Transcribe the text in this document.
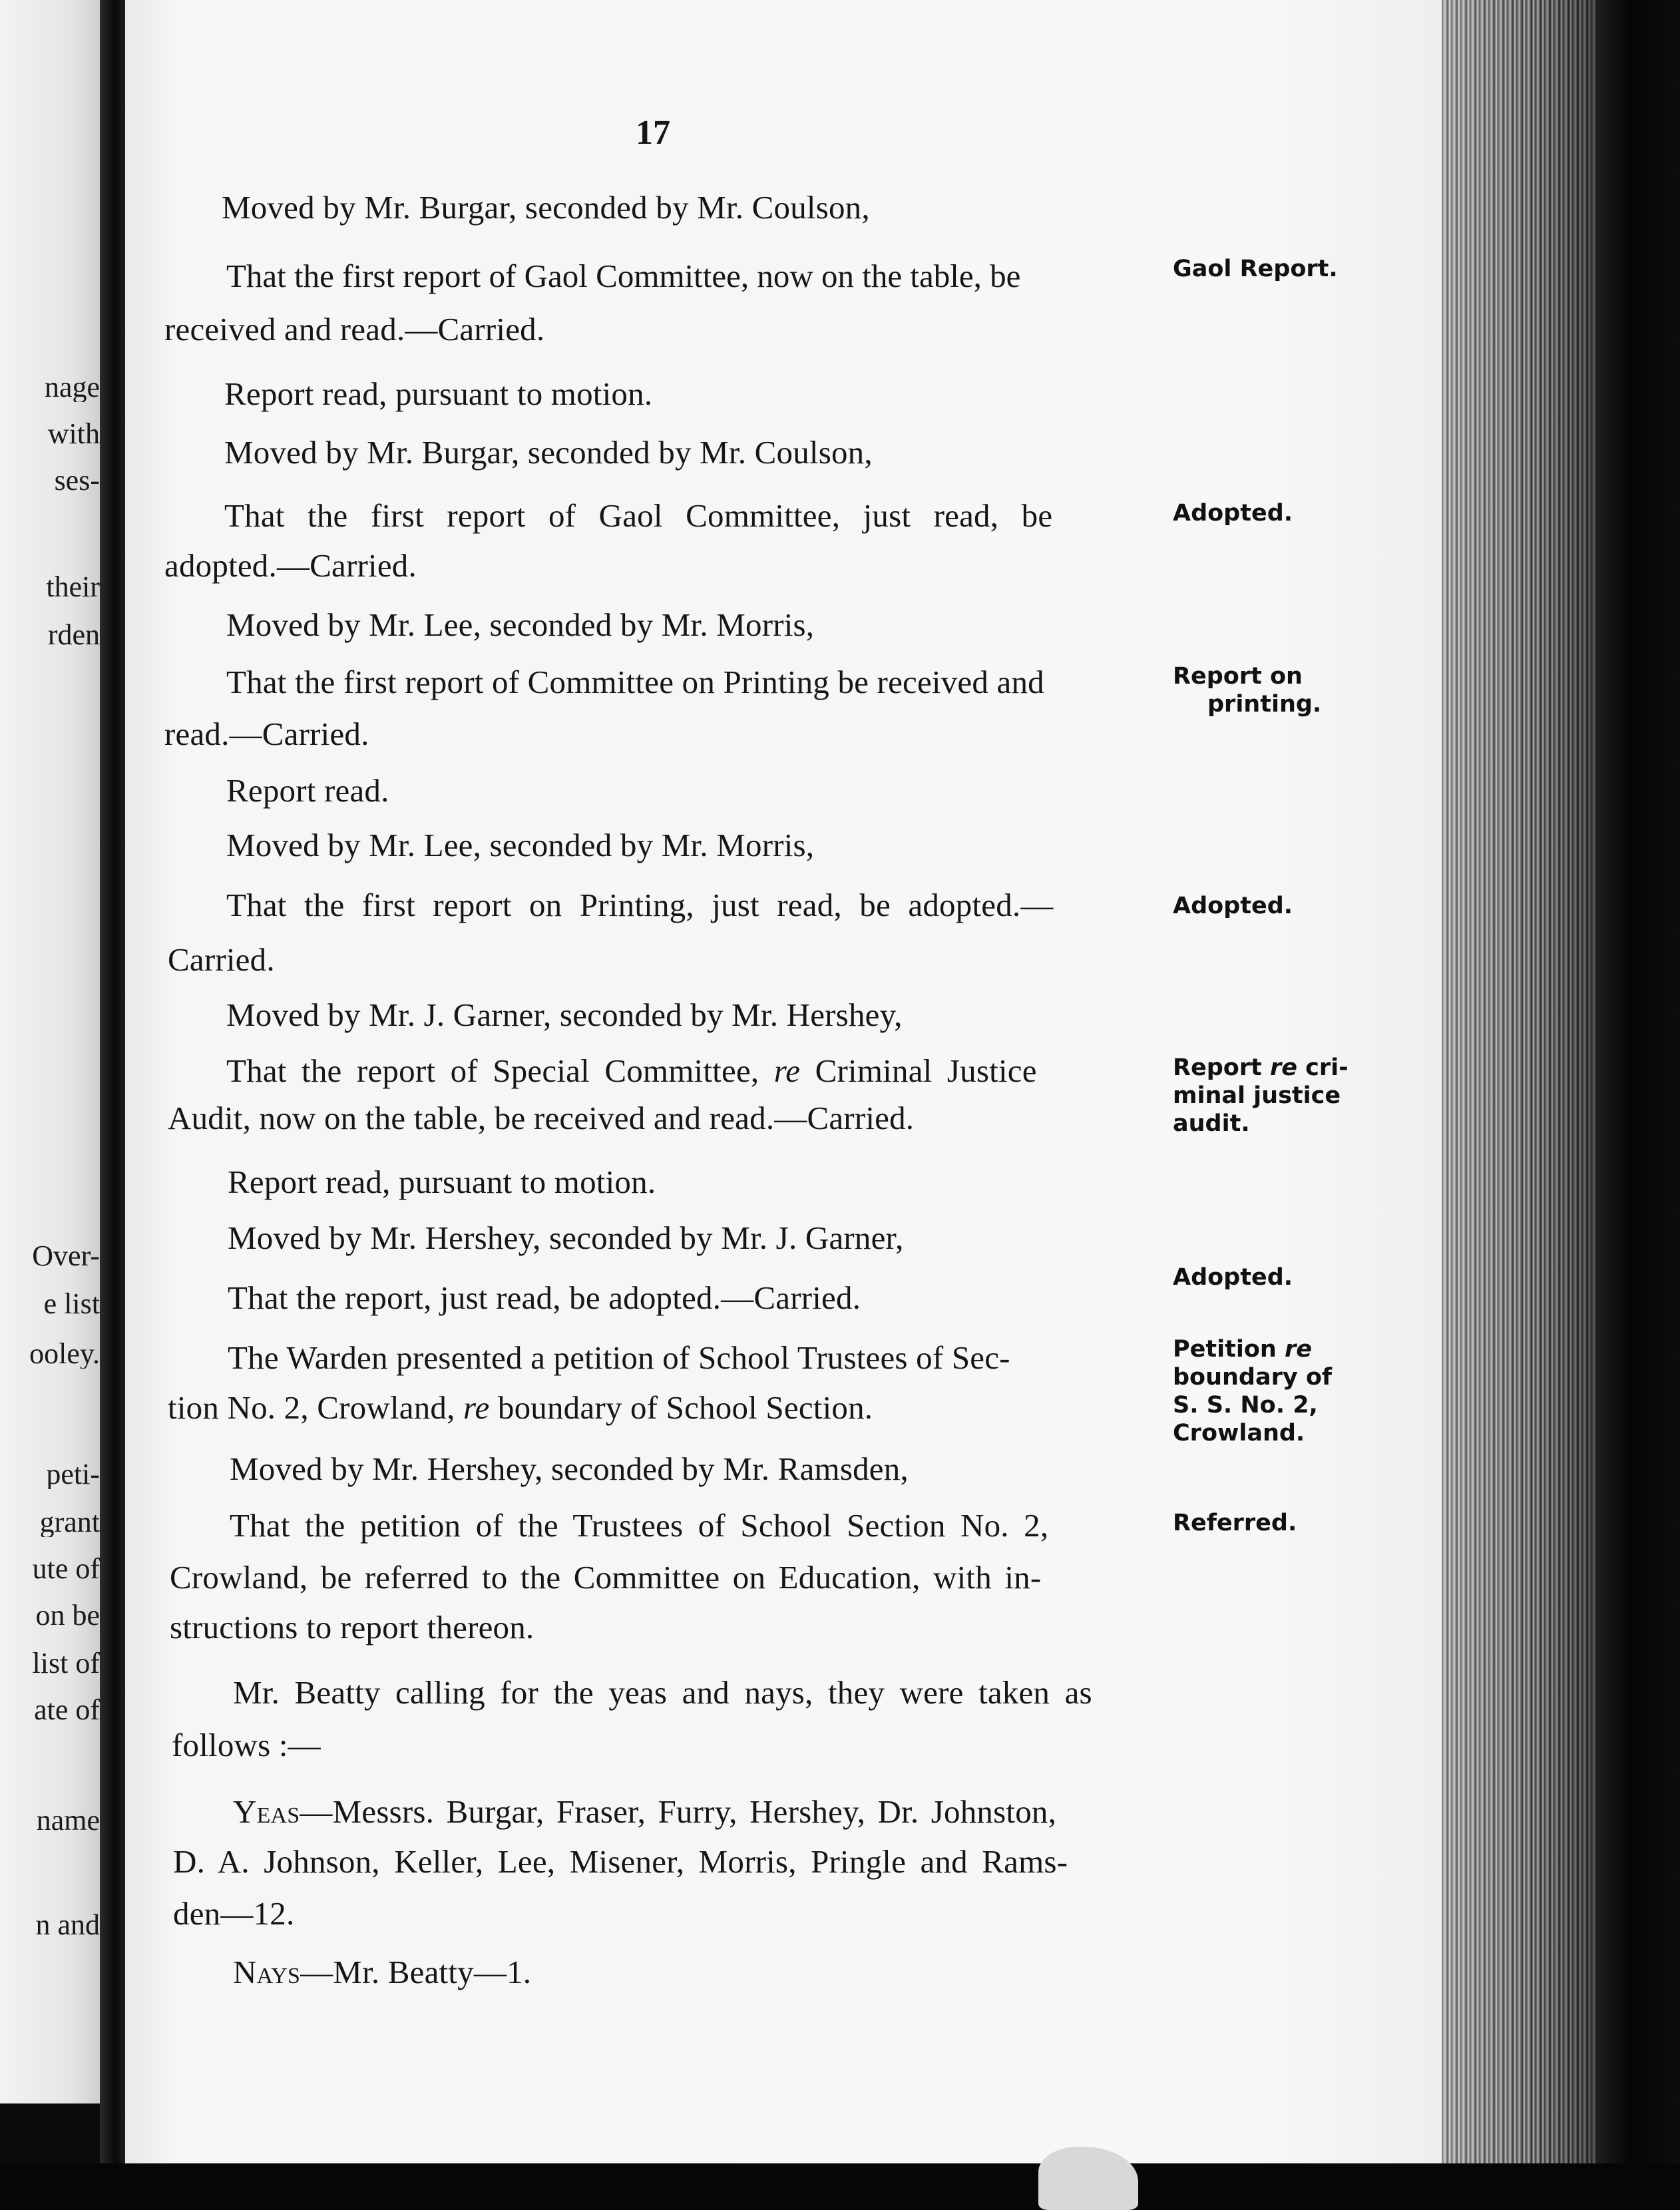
nage
with
ses-
their
rden
Over-
e list
ooley.
peti-
grant
ute of
on be
list of
ate of
name
n and
17
Moved by Mr. Burgar, seconded by Mr. Coulson,
That the first report of Gaol Committee, now on the table, be
received and read.—Carried.
Report read, pursuant to motion.
Moved by Mr. Burgar, seconded by Mr. Coulson,
That the first report of Gaol Committee, just read, be
adopted.—Carried.
Moved by Mr. Lee, seconded by Mr. Morris,
That the first report of Committee on Printing be received and
read.—Carried.
Report read.
Moved by Mr. Lee, seconded by Mr. Morris,
That the first report on Printing, just read, be adopted.—
Carried.
Moved by Mr. J. Garner, seconded by Mr. Hershey,
That the report of Special Committee, re Criminal Justice
Audit, now on the table, be received and read.—Carried.
Report read, pursuant to motion.
Moved by Mr. Hershey, seconded by Mr. J. Garner,
That the report, just read, be adopted.—Carried.
The Warden presented a petition of School Trustees of Sec-
tion No. 2, Crowland, re boundary of School Section.
Moved by Mr. Hershey, seconded by Mr. Ramsden,
That the petition of the Trustees of School Section No. 2,
Crowland, be referred to the Committee on Education, with in-
structions to report thereon.
Mr. Beatty calling for the yeas and nays, they were taken as
follows :—
Yeas—Messrs. Burgar, Fraser, Furry, Hershey, Dr. Johnston,
D. A. Johnson, Keller, Lee, Misener, Morris, Pringle and Rams-
den—12.
Nays—Mr. Beatty—1.
Gaol Report.
Adopted.
Report on
printing.
Adopted.
Report re cri-
minal justice
audit.
Adopted.
Petition re
boundary of
S. S. No. 2,
Crowland.
Referred.
